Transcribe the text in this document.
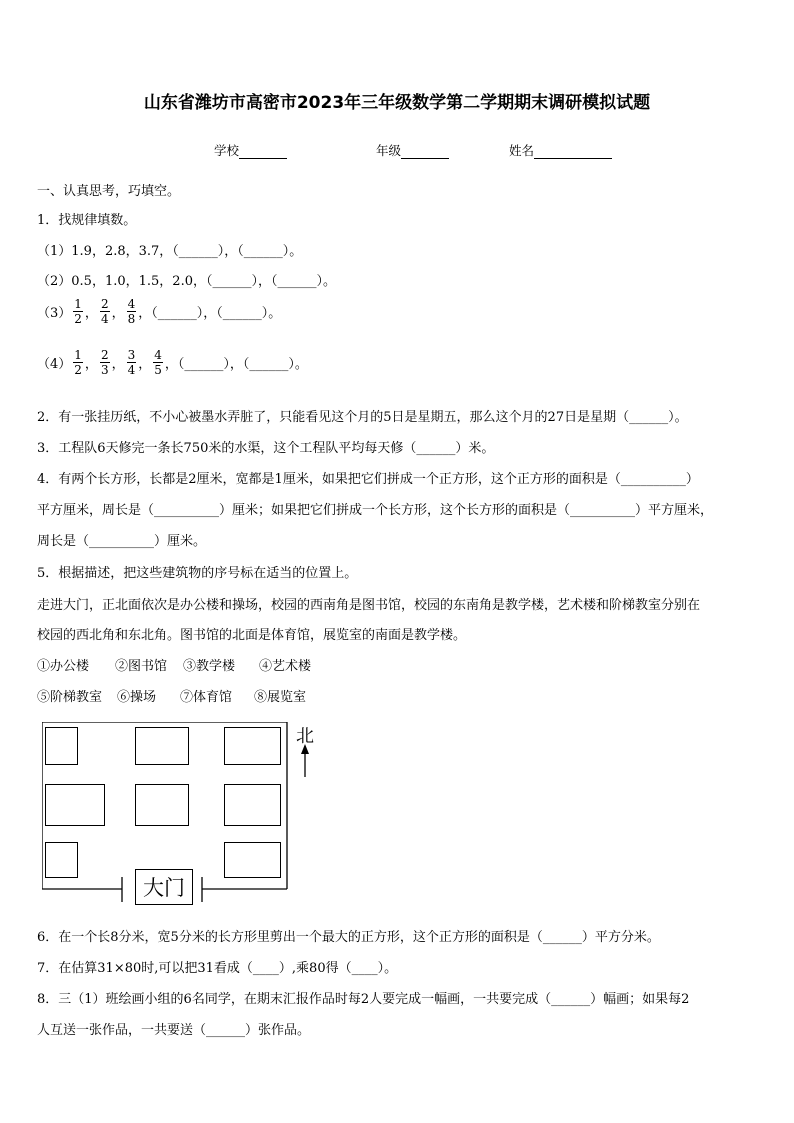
山东省潍坊市高密市2023年三年级数学第二学期期末调研模拟试题
学校	年级	姓名
一、认真思考，巧填空。
1．找规律填数。
（1）1.9，2.8，3.7，（______），（______）。
（2）0.5，1.0，1.5，2.0，（______），（______）。
$(3) \frac{1}{2}$ ， $\frac{2}{4}$ ， $\frac{4}{8}$ ，（______），（______）。
$(4) \frac{1}{2}$ ， $\frac{2}{3}$ ， $\frac{3}{4}$ ， $\frac{4}{5}$ ，（______），（______）。
2．有一张挂历纸，不小心被墨水弄脏了，只能看见这个月的5日是星期五，那么这个月的27日是星期（______）。
3．工程队6天修完一条长750米的水渠，这个工程队平均每天修（______）米。
4．有两个长方形，长都是2厘米，宽都是1厘米，如果把它们拼成一个正方形，这个正方形的面积是（__________）
平方厘米，周长是（__________）厘米；如果把它们拼成一个长方形，这个长方形的面积是（__________）平方厘米，
周长是（__________）厘米。
5．根据描述，把这些建筑物的序号标在适当的位置上。
走进大门，正北面依次是办公楼和操场，校园的西南角是图书馆，校园的东南角是教学楼，艺术楼和阶梯教室分别在
校园的西北角和东北角。图书馆的北面是体育馆，展览室的南面是教学楼。
①办公楼 ②图书馆 ③教学楼 ④艺术楼
⑤阶梯教室 ⑥操场 ⑦体育馆 ⑧展览室
大门
北
6．在一个长8分米，宽5分米的长方形里剪出一个最大的正方形，这个正方形的面积是（______）平方分米。
7．在估算31×80时,可以把31看成（____）,乘80得（____）。
8．三（1）班绘画小组的6名同学，在期末汇报作品时每2人要完成一幅画，一共要完成（______）幅画；如果每2
人互送一张作品，一共要送（______）张作品。
